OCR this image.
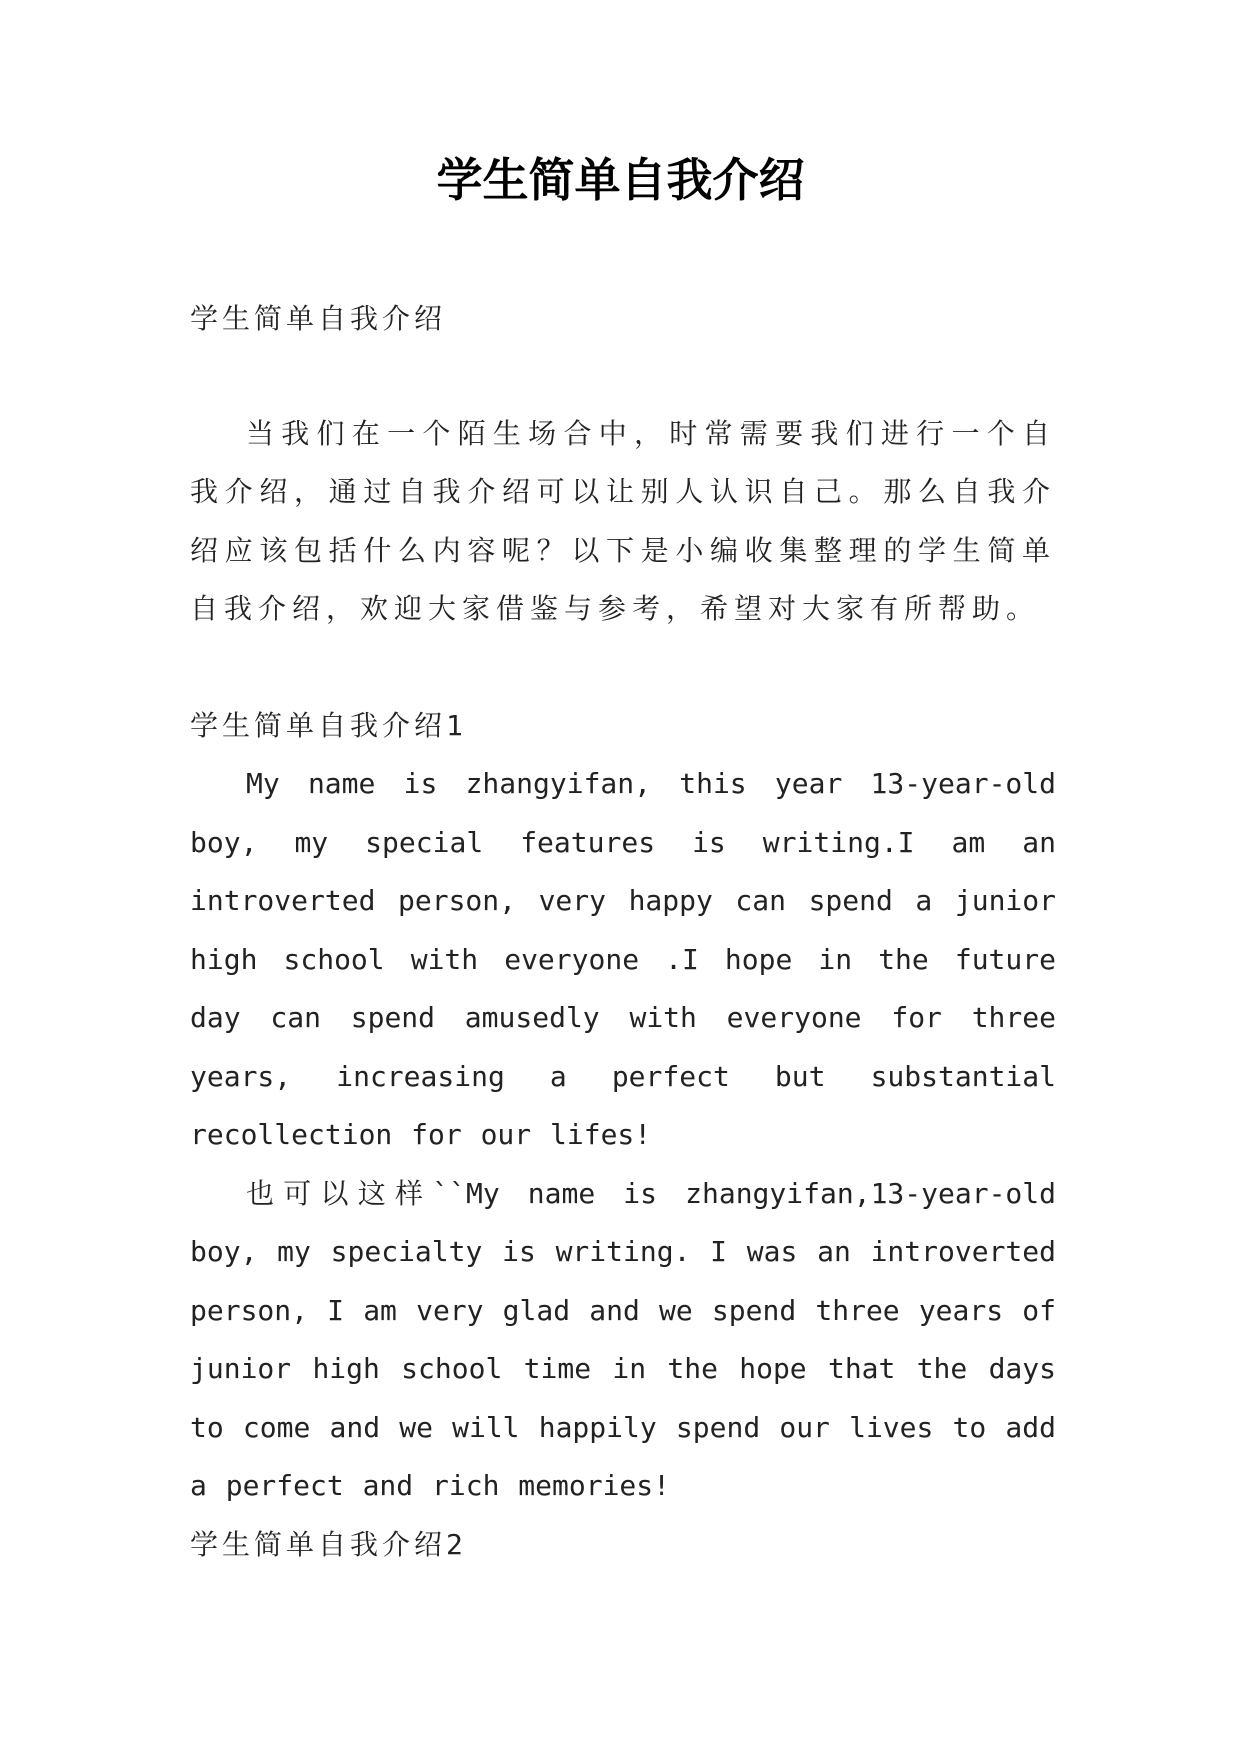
学生简单自我介绍

学生简单自我介绍

当我们在一个陌生场合中，时常需要我们进行一个自我介绍，通过自我介绍可以让别人认识自己。那么自我介绍应该包括什么内容呢？以下是小编收集整理的学生简单自我介绍，欢迎大家借鉴与参考，希望对大家有所帮助。

学生简单自我介绍1

My name is zhangyifan, this year 13-year-old boy, my special features is writing.I am an introverted person, very happy can spend a junior high school with everyone .I hope in the future day can spend amusedly with everyone for three years, increasing a perfect but substantial recollection for our lifes!

也可以这样``My name is zhangyifan,13-year-old boy, my specialty is writing. I was an introverted person, I am very glad and we spend three years of junior high school time in the hope that the days to come and we will happily spend our lives to add a perfect and rich memories!

学生简单自我介绍2
